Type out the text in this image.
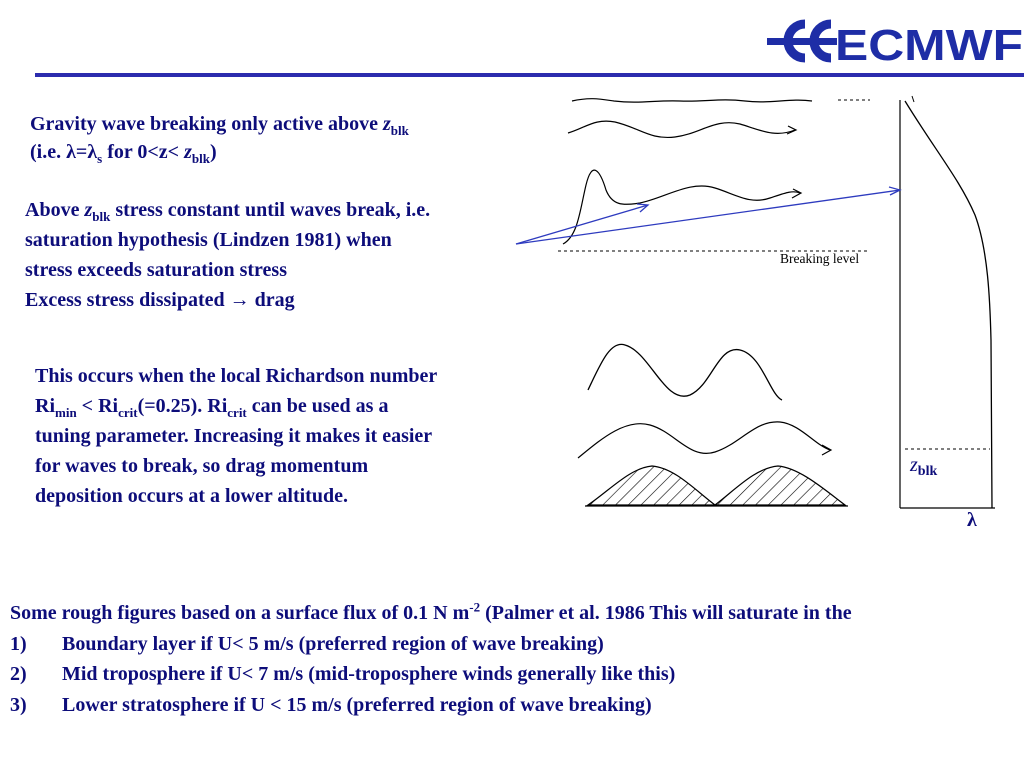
ECMWF
Breaking level
zblk
λ
Gravity wave breaking only active above $z_{blk}$
(i.e. $\lambda=\lambda_s$ for $0<z< z_{blk}$)
Above $z_{blk}$ stress constant until waves break, i.e.
saturation hypothesis (Lindzen 1981) when
stress exceeds saturation stress
Excess stress dissipated → drag
This occurs when the local Richardson number
$Ri_{min} < Ri_{crit}(=0.25)$. $Ri_{crit}$ can be used as a
tuning parameter. Increasing it makes it easier
for waves to break, so drag momentum
deposition occurs at a lower altitude.
Some rough figures based on a surface flux of 0.1 N $m^{-2}$ (Palmer et al. 1986 This will saturate in the
1)	Boundary layer if U< 5 m/s (preferred region of wave breaking)
2)	Mid troposphere if U< 7 m/s (mid-troposphere winds generally like this)
3)	Lower stratosphere if U < 15 m/s (preferred region of wave breaking)
